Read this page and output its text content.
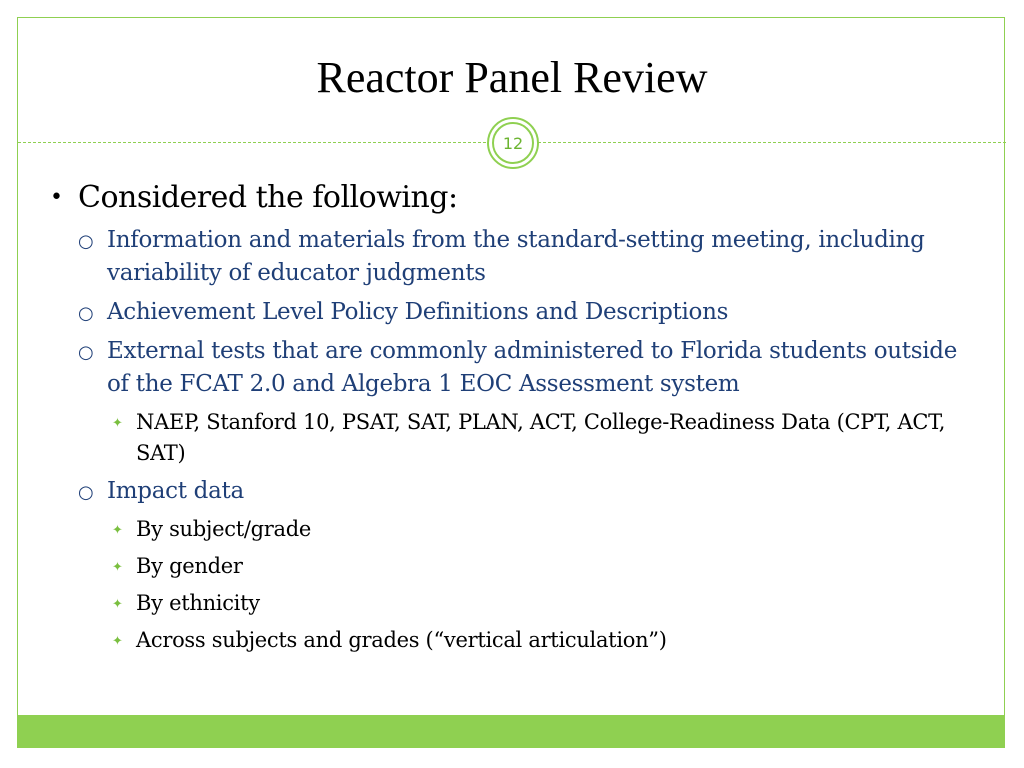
Reactor Panel Review
12
• Considered the following:
○ Information and materials from the standard-setting meeting, including variability of educator judgments
○ Achievement Level Policy Definitions and Descriptions
○ External tests that are commonly administered to Florida students outside of the FCAT 2.0 and Algebra 1 EOC Assessment system
✦ NAEP, Stanford 10, PSAT, SAT, PLAN, ACT, College-Readiness Data (CPT, ACT, SAT)
○ Impact data
✦ By subject/grade
✦ By gender
✦ By ethnicity
✦ Across subjects and grades (“vertical articulation”)
